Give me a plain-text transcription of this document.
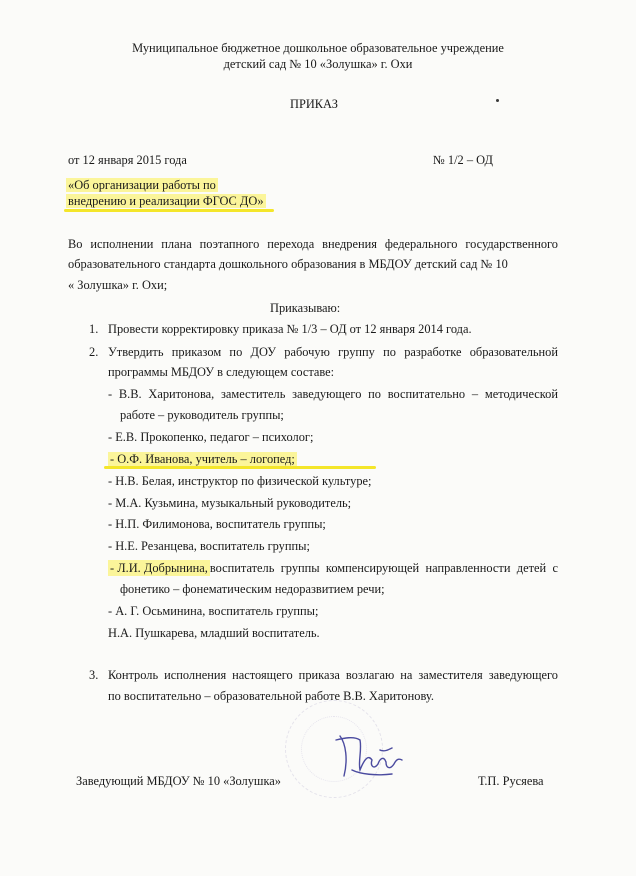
Муниципальное бюджетное дошкольное образовательное учреждение
детский сад № 10 «Золушка» г. Охи
ПРИКАЗ
от 12 января 2015 года	№ 1/2 – ОД
«Об организации работы по
внедрению и реализации ФГОС ДО»
Во исполнении плана поэтапного перехода внедрения федерального государственного
образовательного стандарта дошкольного образования в МБДОУ детский сад № 10
« Золушка» г. Охи;
Приказываю:
1. Провести корректировку приказа № 1/3 – ОД от 12 января 2014 года.
2. Утвердить приказом по ДОУ рабочую группу по разработке образовательной
программы МБДОУ в следующем составе:
- В.В. Харитонова, заместитель заведующего по воспитательно – методической
работе – руководитель группы;
- Е.В. Прокопенко, педагог – психолог;
- О.Ф. Иванова, учитель – логопед;
- Н.В. Белая, инструктор по физической культуре;
- М.А. Кузьмина, музыкальный руководитель;
- Н.П. Филимонова, воспитатель группы;
- Н.Е. Резанцева, воспитатель группы;
- Л.И. Добрынина, воспитатель группы компенсирующей направленности детей с
фонетико – фонематическим недоразвитием речи;
- А. Г. Осьминина, воспитатель группы;
Н.А. Пушкарева, младший воспитатель.
3. Контроль исполнения настоящего приказа возлагаю на заместителя заведующего
по воспитательно – образовательной работе В.В. Харитонову.
Заведующий МБДОУ № 10 «Золушка»	Т.П. Русяева
